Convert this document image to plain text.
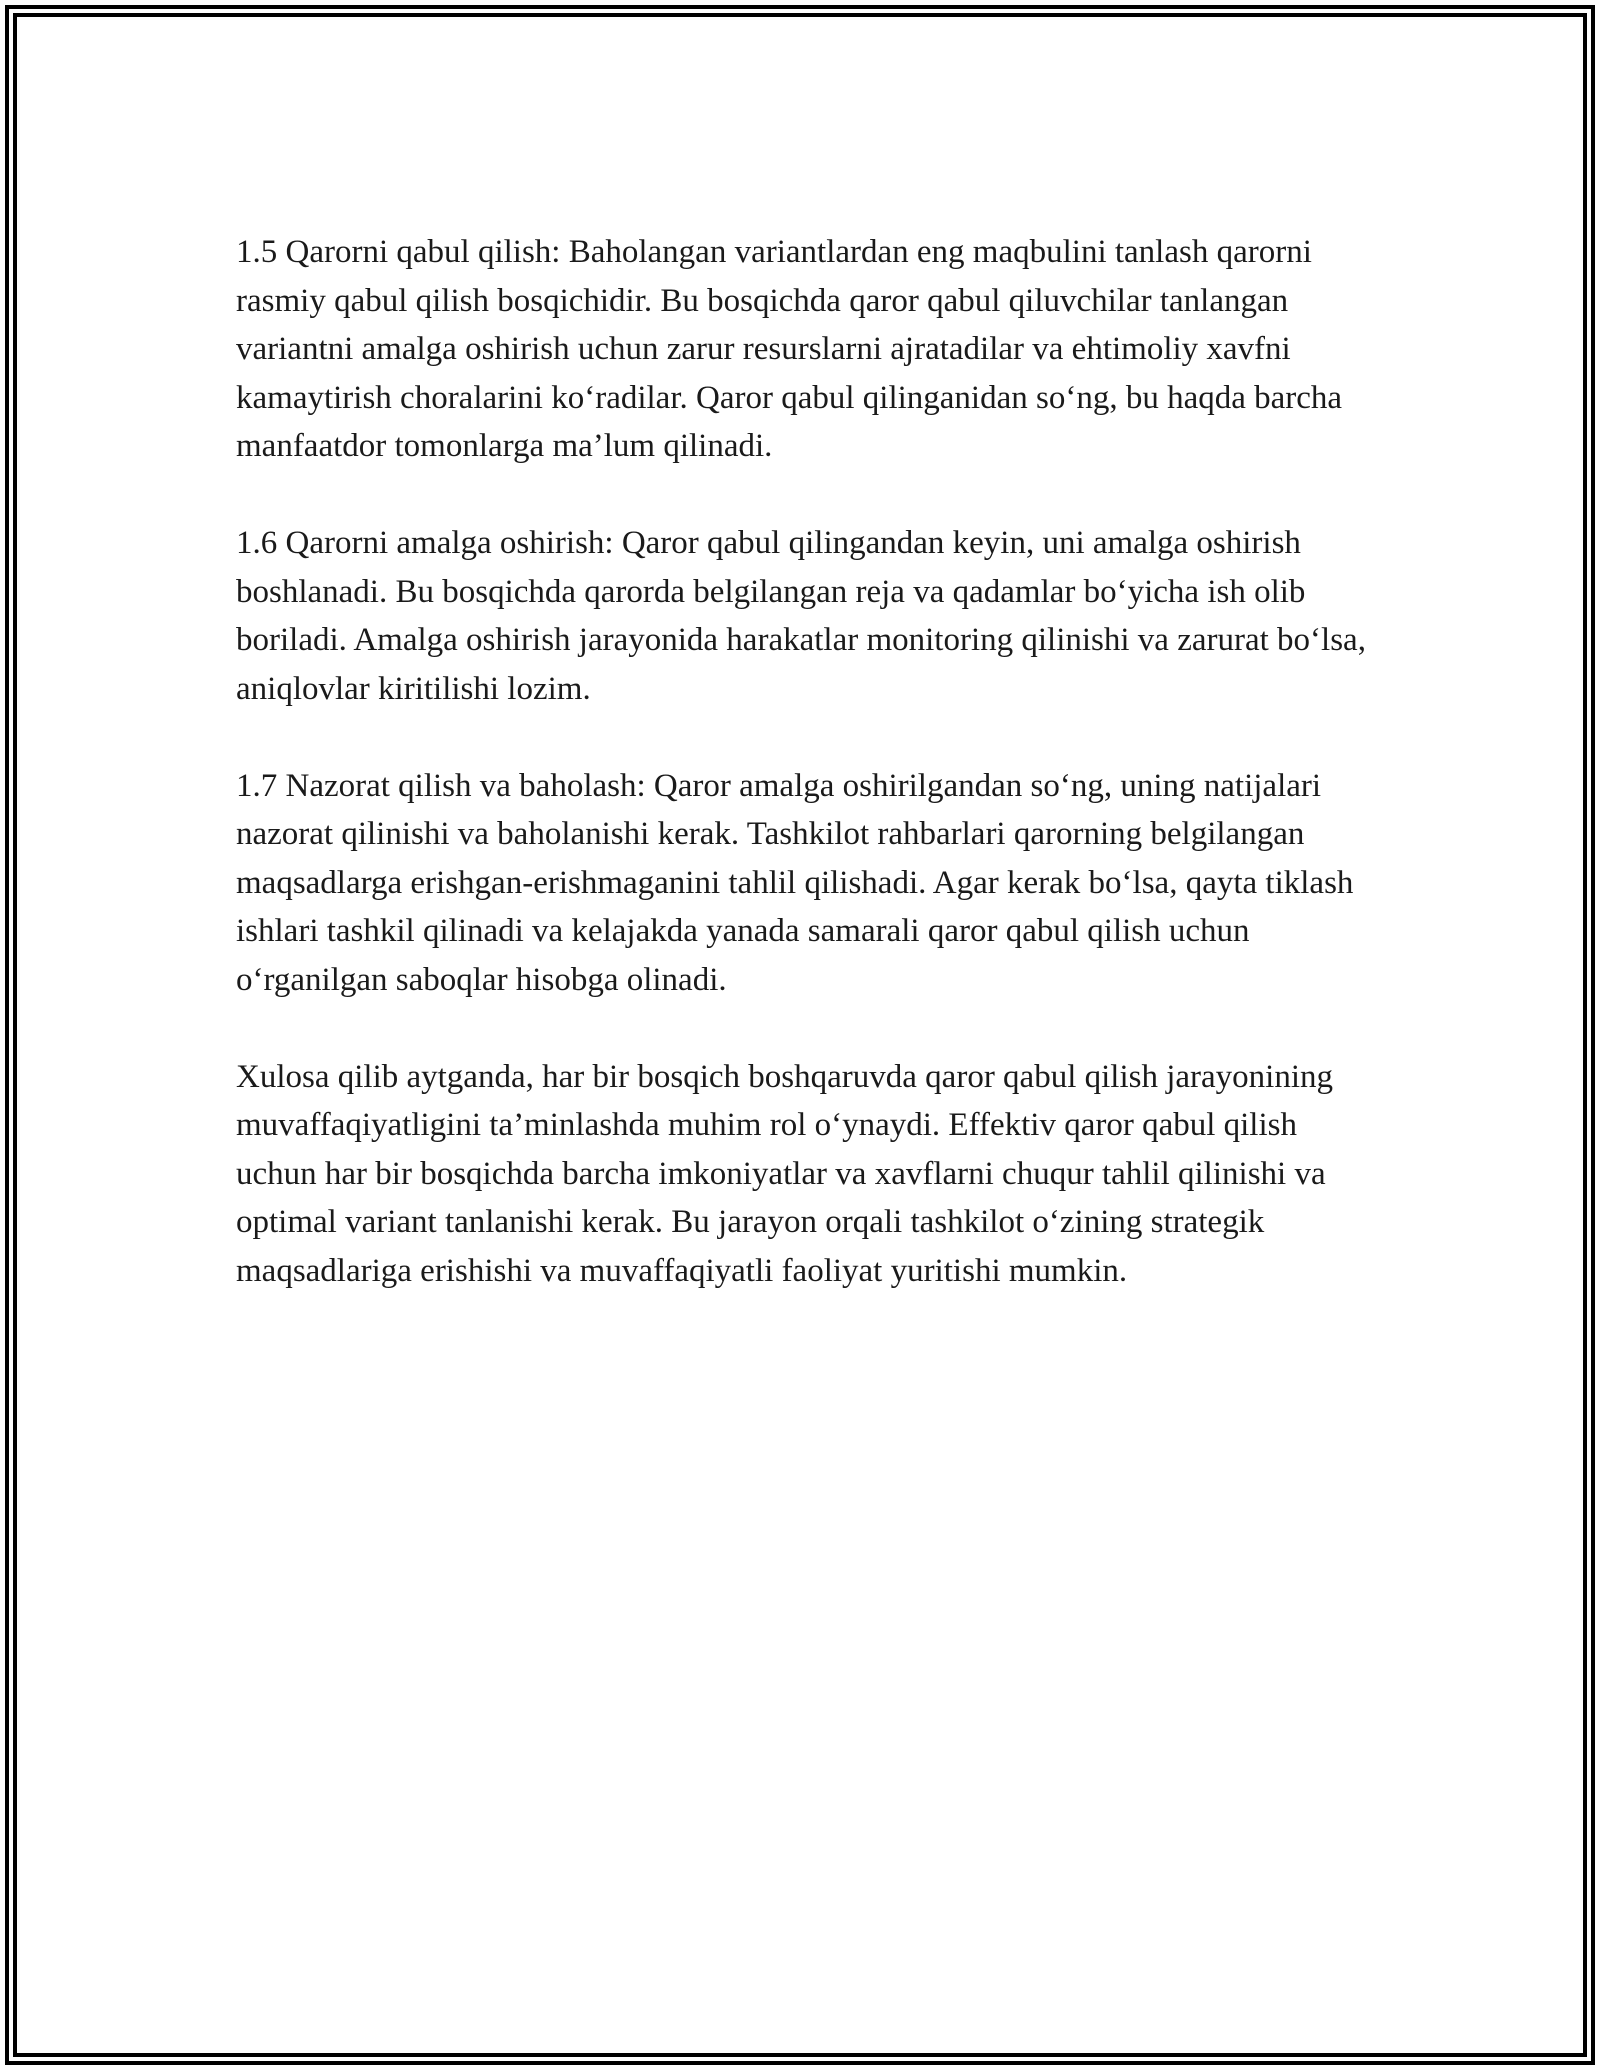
1.5 Qarorni qabul qilish: Baholangan variantlardan eng maqbulini tanlash qarorni rasmiy qabul qilish bosqichidir. Bu bosqichda qaror qabul qiluvchilar tanlangan variantni amalga oshirish uchun zarur resurslarni ajratadilar va ehtimoliy xavfni kamaytirish choralarini ko‘radilar. Qaror qabul qilinganidan so‘ng, bu haqda barcha manfaatdor tomonlarga ma’lum qilinadi.

1.6 Qarorni amalga oshirish: Qaror qabul qilingandan keyin, uni amalga oshirish boshlanadi. Bu bosqichda qarorda belgilangan reja va qadamlar bo‘yicha ish olib boriladi. Amalga oshirish jarayonida harakatlar monitoring qilinishi va zarurat bo‘lsa, aniqlovlar kiritilishi lozim.

1.7 Nazorat qilish va baholash: Qaror amalga oshirilgandan so‘ng, uning natijalari nazorat qilinishi va baholanishi kerak. Tashkilot rahbarlari qarorning belgilangan maqsadlarga erishgan-erishmaganini tahlil qilishadi. Agar kerak bo‘lsa, qayta tiklash ishlari tashkil qilinadi va kelajakda yanada samarali qaror qabul qilish uchun o‘rganilgan saboqlar hisobga olinadi.

Xulosa qilib aytganda, har bir bosqich boshqaruvda qaror qabul qilish jarayonining muvaffaqiyatligini ta’minlashda muhim rol o‘ynaydi. Effektiv qaror qabul qilish uchun har bir bosqichda barcha imkoniyatlar va xavflarni chuqur tahlil qilinishi va optimal variant tanlanishi kerak. Bu jarayon orqali tashkilot o‘zining strategik maqsadlariga erishishi va muvaffaqiyatli faoliyat yuritishi mumkin.
